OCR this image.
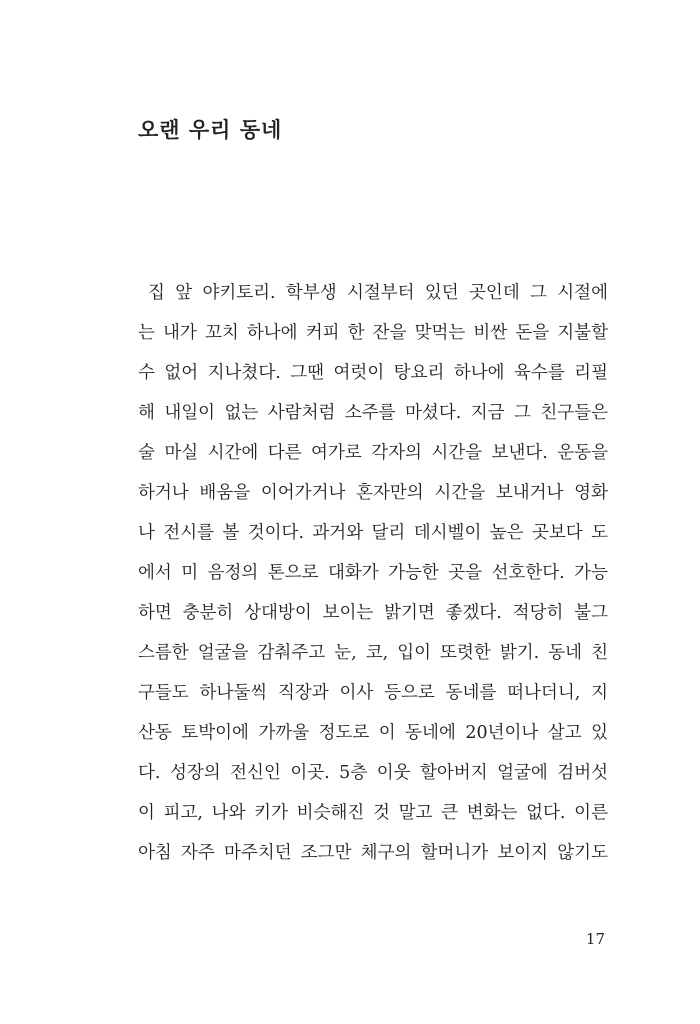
오랜 우리 동네
집 앞 야키토리. 학부생 시절부터 있던 곳인데 그 시절에
는 내가 꼬치 하나에 커피 한 잔을 맞먹는 비싼 돈을 지불할
수 없어 지나쳤다. 그땐 여럿이 탕요리 하나에 육수를 리필
해 내일이 없는 사람처럼 소주를 마셨다. 지금 그 친구들은
술 마실 시간에 다른 여가로 각자의 시간을 보낸다. 운동을
하거나 배움을 이어가거나 혼자만의 시간을 보내거나 영화
나 전시를 볼 것이다. 과거와 달리 데시벨이 높은 곳보다 도
에서 미 음정의 톤으로 대화가 가능한 곳을 선호한다. 가능
하면 충분히 상대방이 보이는 밝기면 좋겠다. 적당히 불그
스름한 얼굴을 감춰주고 눈, 코, 입이 또렷한 밝기. 동네 친
구들도 하나둘씩 직장과 이사 등으로 동네를 떠나더니, 지
산동 토박이에 가까울 정도로 이 동네에 20년이나 살고 있
다. 성장의 전신인 이곳. 5층 이웃 할아버지 얼굴에 검버섯
이 피고, 나와 키가 비슷해진 것 말고 큰 변화는 없다. 이른
아침 자주 마주치던 조그만 체구의 할머니가 보이지 않기도
17
